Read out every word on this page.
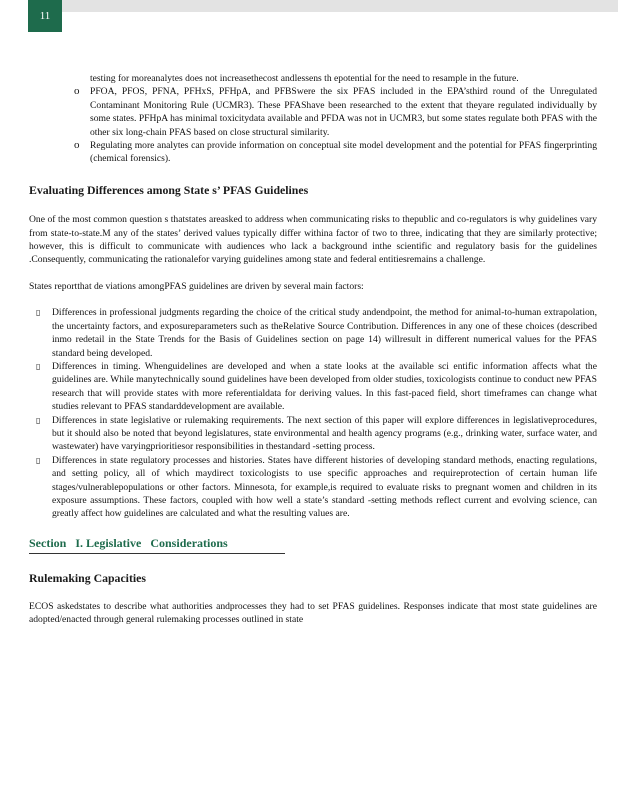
11

testing for moreanalytes does not increasethecost andlessens th epotential for the need to resample in the future.

o PFOA, PFOS, PFNA, PFHxS, PFHpA, and PFBSwere the six PFAS included in the EPA’sthird round of the Unregulated Contaminant Monitoring Rule (UCMR3). These PFAShave been researched to the extent that theyare regulated individually by some states. PFHpA has minimal toxicitydata available and PFDA was not in UCMR3, but some states regulate both PFAS with the other six long-chain PFAS based on close structural similarity.
o Regulating more analytes can provide information on conceptual site model development and the potential for PFAS fingerprinting (chemical forensics).
Evaluating Differences among State s’ PFAS Guidelines

One of the most common question s thatstates areasked to address when communicating risks to thepublic and co-regulators is why guidelines vary from state-to-state.M any of the states’ derived values typically differ withina factor of two to three, indicating that they are similarly protective; however, this is difficult to communicate with audiences who lack a background inthe scientific and regulatory basis for the guidelines .Consequently, communicating the rationalefor varying guidelines among state and federal entitiesremains a challenge.

States reportthat de viations amongPFAS guidelines are driven by several main factors:

▯ Differences in professional judgments regarding the choice of the critical study andendpoint, the method for animal-to-human extrapolation, the uncertainty factors, and exposureparameters such as theRelative Source Contribution. Differences in any one of these choices (described inmo redetail in the State Trends for the Basis of Guidelines section on page 14) willresult in different numerical values for the PFAS standard being developed.
▯ Differences in timing. Whenguidelines are developed and when a state looks at the available sci entific information affects what the guidelines are. While manytechnically sound guidelines have been developed from older studies, toxicologists continue to conduct new PFAS research that will provide states with more referentialdata for deriving values. In this fast-paced field, short timeframes can change what studies relevant to PFAS standarddevelopment are available.
▯ Differences in state legislative or rulemaking requirements. The next section of this paper will explore differences in legislativeprocedures, but it should also be noted that beyond legislatures, state environmental and health agency programs (e.g., drinking water, surface water, and wastewater) have varyingprioritiesor responsibilities in thestandard -setting process.
▯ Differences in state regulatory processes and histories. States have different histories of developing standard methods, enacting regulations, and setting policy, all of which maydirect toxicologists to use specific approaches and requireprotection of certain human life stages/vulnerablepopulations or other factors. Minnesota, for example,is required to evaluate risks to pregnant women and children in its exposure assumptions. These factors, coupled with how well a state’s standard -setting methods reflect current and evolving science, can greatly affect how guidelines are calculated and what the resulting values are.
Section I. Legislative Considerations
Rulemaking Capacities

ECOS askedstates to describe what authorities andprocesses they had to set PFAS guidelines. Responses indicate that most state guidelines are adopted/enacted through general rulemaking processes outlined in state
